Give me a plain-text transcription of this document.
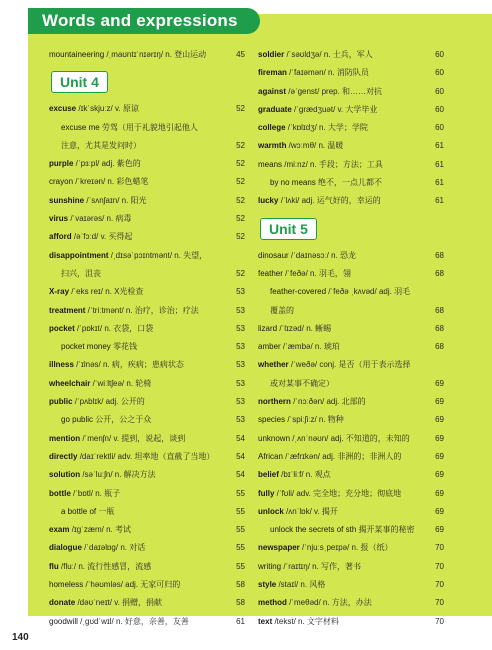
Words and expressions
mountaineering /ˌmaʊntɪˈnɪərɪŋ/ n. 登山运动	45
Unit 4
excuse /ɪkˈskjuːz/ v. 原谅	52
excuse me 劳驾（用于礼貌地引起他人
注意，尤其是发问时）	52
purple /ˈpɜːpl/ adj. 紫色的	52
crayon /ˈkreɪən/ n. 彩色蜡笔	52
sunshine /ˈsʌnʃaɪn/ n. 阳光	52
virus /ˈvaɪərəs/ n. 病毒	52
afford /əˈfɔːd/ v. 买得起	52
disappointment /ˌdɪsəˈpɔɪntmənt/ n. 失望，
扫兴，沮丧	52
X-ray /ˈeks reɪ/ n. X光检查	53
treatment /ˈtriːtmənt/ n. 治疗，诊治；疗法	53
pocket /ˈpɒkɪt/ n. 衣袋，口袋	53
pocket money 零花钱	53
illness /ˈɪlnəs/ n. 病，疾病；患病状态	53
wheelchair /ˈwiːltʃeə/ n. 轮椅	53
public /ˈpʌblɪk/ adj. 公开的	53
go public 公开，公之于众	53
mention /ˈmenʃn/ v. 提到，说起，谈到	54
directly /daɪˈrektli/ adv. 坦率地（直截了当地）	54
solution /səˈluːʃn/ n. 解决方法	54
bottle /ˈbɒtl/ n. 瓶子	55
a bottle of 一瓶	55
exam /ɪɡˈzæm/ n. 考试	55
dialogue /ˈdaɪəlɒɡ/ n. 对话	55
flu /fluː/ n. 流行性感冒，流感	55
homeless /ˈhəʊmləs/ adj. 无家可归的	58
donate /dəʊˈneɪt/ v. 捐赠，捐献	58
goodwill /ˌɡʊdˈwɪl/ n. 好意，亲善，友善	61
soldier /ˈsəʊldʒə/ n. 士兵，军人	60
fireman /ˈfaɪəmən/ n. 消防队员	60
against /əˈɡenst/ prep. 和……对抗	60
graduate /ˈɡrædʒuət/ v. 大学毕业	60
college /ˈkɒlɪdʒ/ n. 大学；学院	60
warmth /wɔːmθ/ n. 温暖	61
means /miːnz/ n. 手段；方法；工具	61
by no means 绝不，一点儿都不	61
lucky /ˈlʌki/ adj. 运气好的，幸运的	61
Unit 5
dinosaur /ˈdaɪnəsɔː/ n. 恐龙	68
feather /ˈfeðə/ n. 羽毛，翎	68
feather-covered /ˈfeðə ˌkʌvəd/ adj. 羽毛
覆盖的	68
lizard /ˈlɪzəd/ n. 蜥蜴	68
amber /ˈæmbə/ n. 琥珀	68
whether /ˈweðə/ conj. 是否（用于表示选择
或对某事不确定）	69
northern /ˈnɔːðən/ adj. 北部的	69
species /ˈspiːʃiːz/ n. 物种	69
unknown /ˌʌnˈnəʊn/ adj. 不知道的，未知的	69
African /ˈæfrɪkən/ adj. 非洲的；非洲人的	69
belief /bɪˈliːf/ n. 观点	69
fully /ˈfʊli/ adv. 完全地；充分地；彻底地	69
unlock /ʌnˈlɒk/ v. 揭开	69
unlock the secrets of sth 揭开某事的秘密	69
newspaper /ˈnjuːsˌpeɪpə/ n. 报（纸）	70
writing /ˈraɪtɪŋ/ n. 写作，著书	70
style /staɪl/ n. 风格	70
method /ˈmeθəd/ n. 方法，办法	70
text /tekst/ n. 文字材料	70
140
